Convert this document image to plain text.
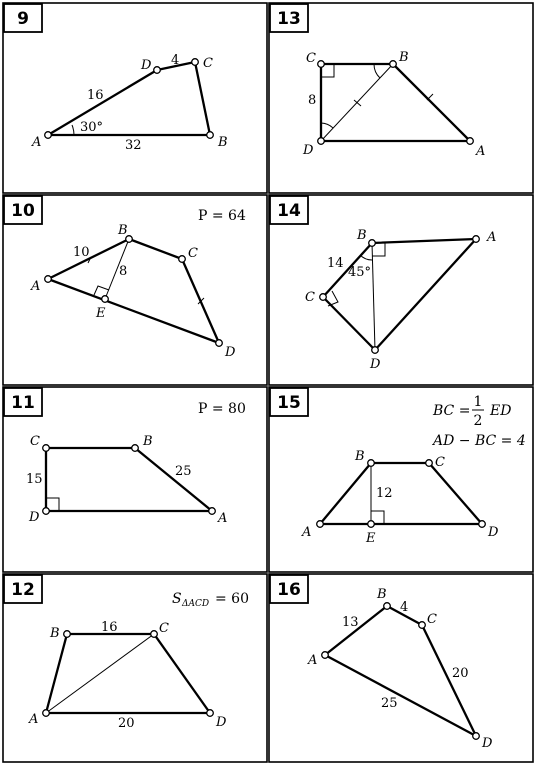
9
A	B
C
D
16
4
32
30°
13
A
B
C
D
8
10	P = 64
A
B
C
D
E
10
8
14
A
B
C
D
14
45°
11	P = 80
A
B
C
D
15
25
15	BC =
1
2
ED
AD − BC = 4
A
B	C
D
E
12
12	S ΔACD = 60
A
B	C
D
16
20
16
A
B
C
D
13
4
20
25
